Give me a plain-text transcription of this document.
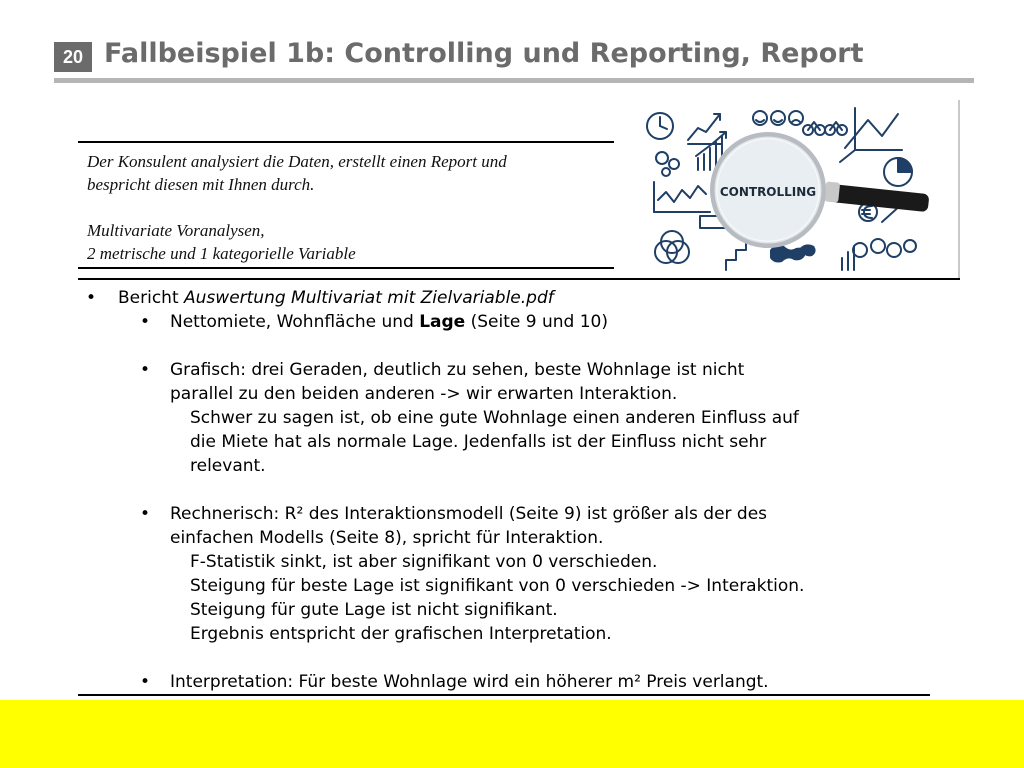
20 Fallbeispiel 1b: Controlling und Reporting, Report
Der Konsulent analysiert die Daten, erstellt einen Report und
bespricht diesen mit Ihnen durch.
Multivariate Voranalysen,
2 metrische und 1 kategorielle Variable
CONTROLLING
• Bericht Auswertung Multivariat mit Zielvariable.pdf
• Nettomiete, Wohnfläche und Lage (Seite 9 und 10)
• Grafisch: drei Geraden, deutlich zu sehen, beste Wohnlage ist nicht
parallel zu den beiden anderen -> wir erwarten Interaktion.
Schwer zu sagen ist, ob eine gute Wohnlage einen anderen Einfluss auf
die Miete hat als normale Lage. Jedenfalls ist der Einfluss nicht sehr
relevant.
• Rechnerisch: R² des Interaktionsmodell (Seite 9) ist größer als der des
einfachen Modells (Seite 8), spricht für Interaktion.
F-Statistik sinkt, ist aber signifikant von 0 verschieden.
Steigung für beste Lage ist signifikant von 0 verschieden -> Interaktion.
Steigung für gute Lage ist nicht signifikant.
Ergebnis entspricht der grafischen Interpretation.
• Interpretation: Für beste Wohnlage wird ein höherer m² Preis verlangt.
